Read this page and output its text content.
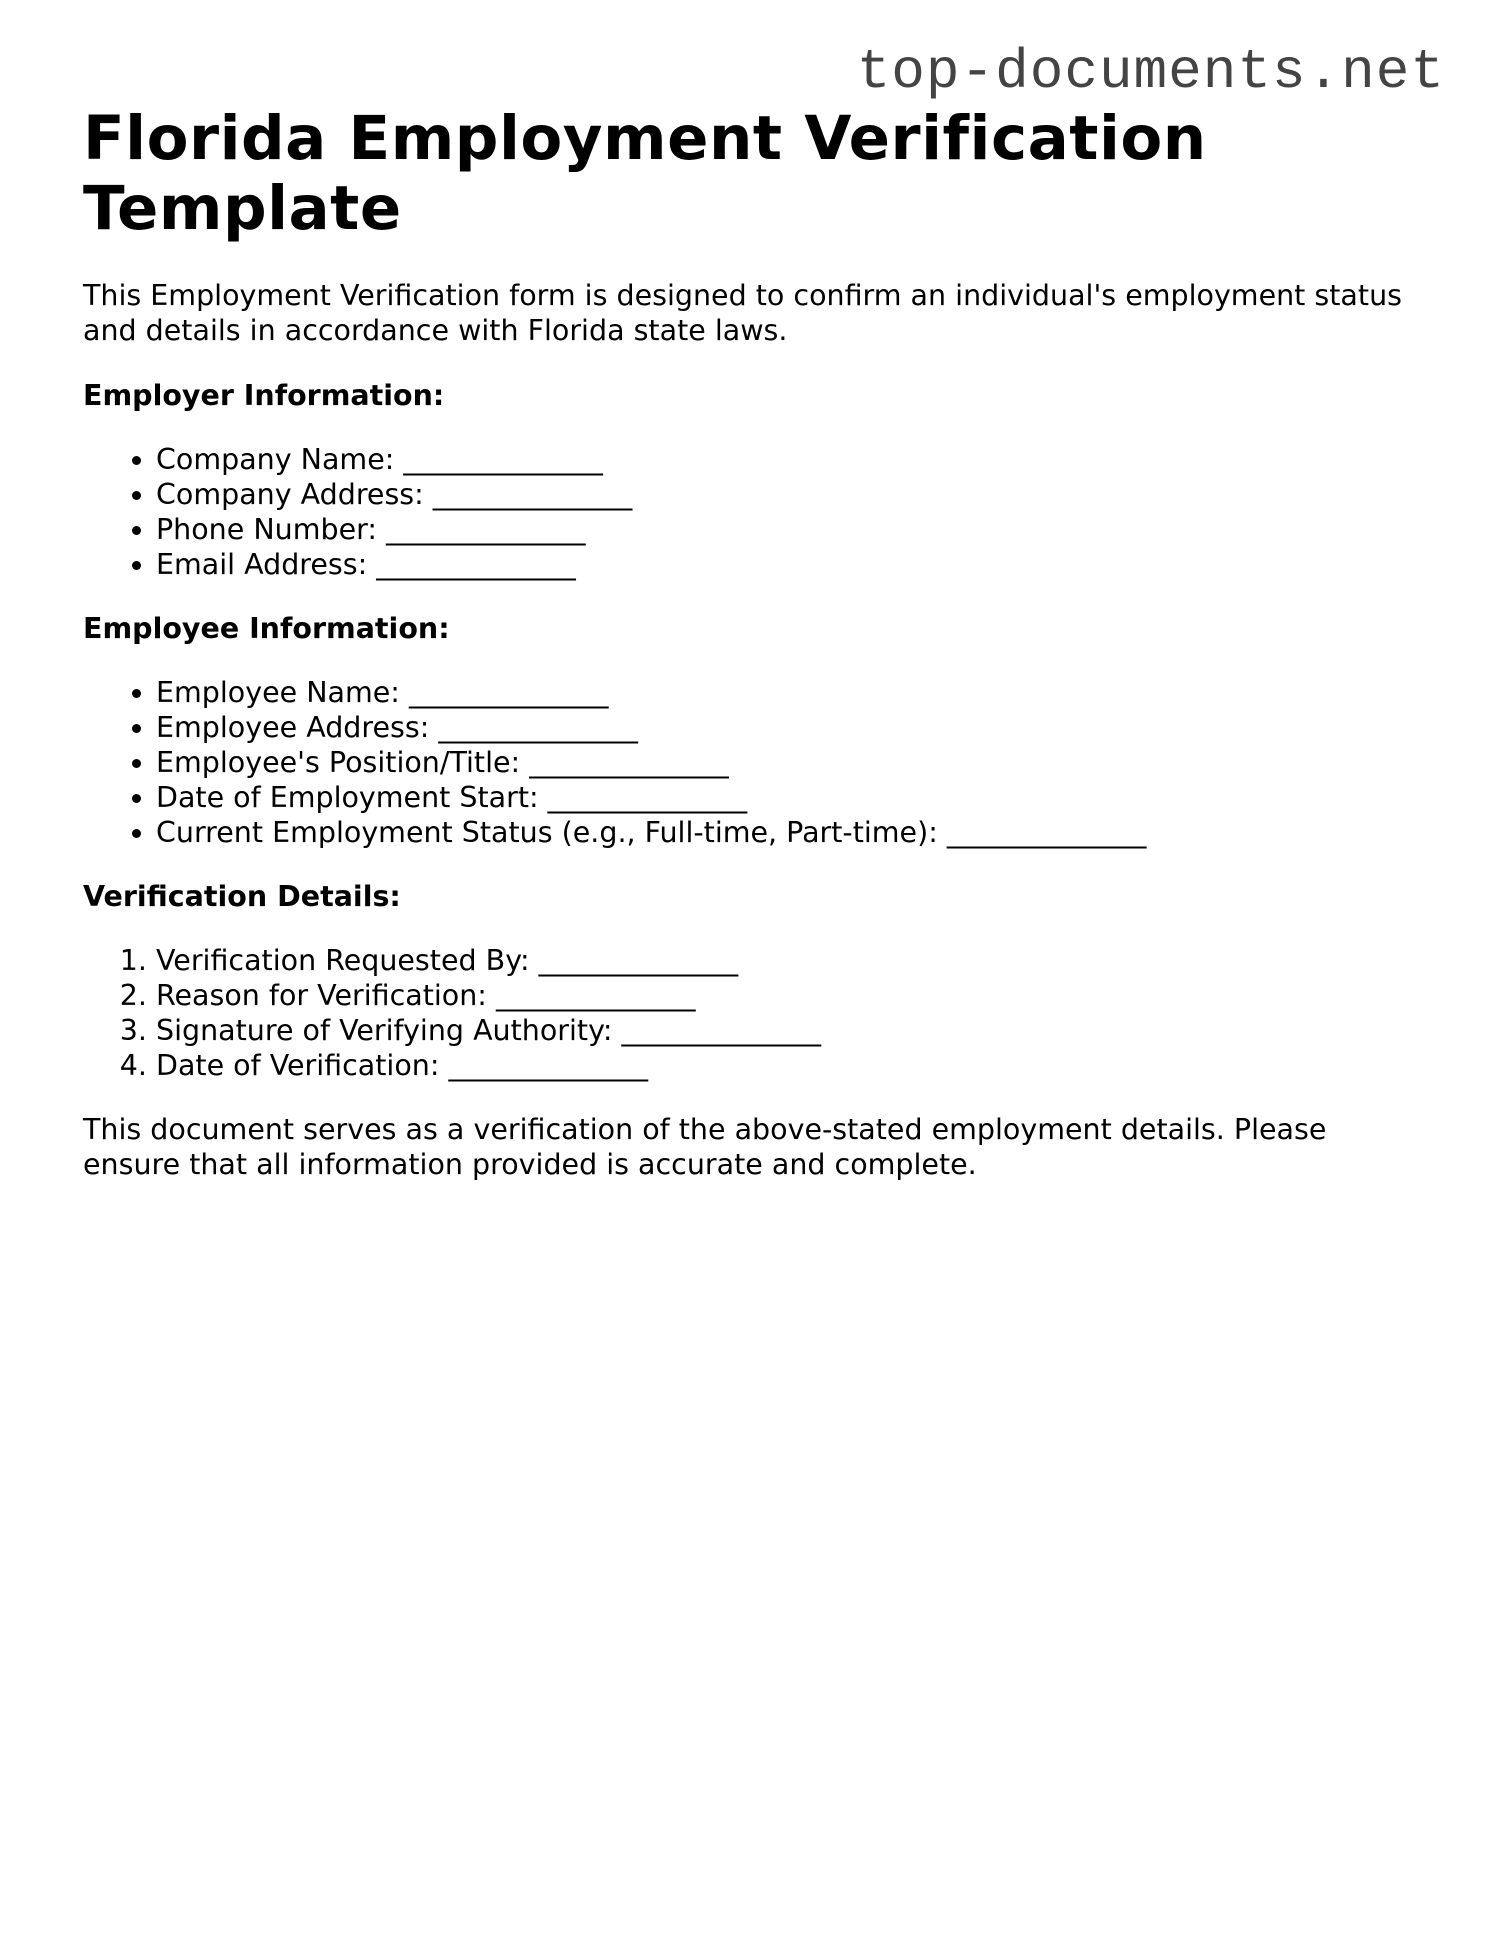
top-documents.net
Florida Employment Verification Template

This Employment Verification form is designed to confirm an individual's employment status and details in accordance with Florida state laws.

Employer Information:
• Company Name: ______________
• Company Address: ______________
• Phone Number: ______________
• Email Address: ______________
Employee Information:
• Employee Name: ______________
• Employee Address: ______________
• Employee's Position/Title: ______________
• Date of Employment Start: ______________
• Current Employment Status (e.g., Full-time, Part-time): ______________
Verification Details:
1. Verification Requested By: ______________
2. Reason for Verification: ______________
3. Signature of Verifying Authority: ______________
4. Date of Verification: ______________

This document serves as a verification of the above-stated employment details. Please ensure that all information provided is accurate and complete.
